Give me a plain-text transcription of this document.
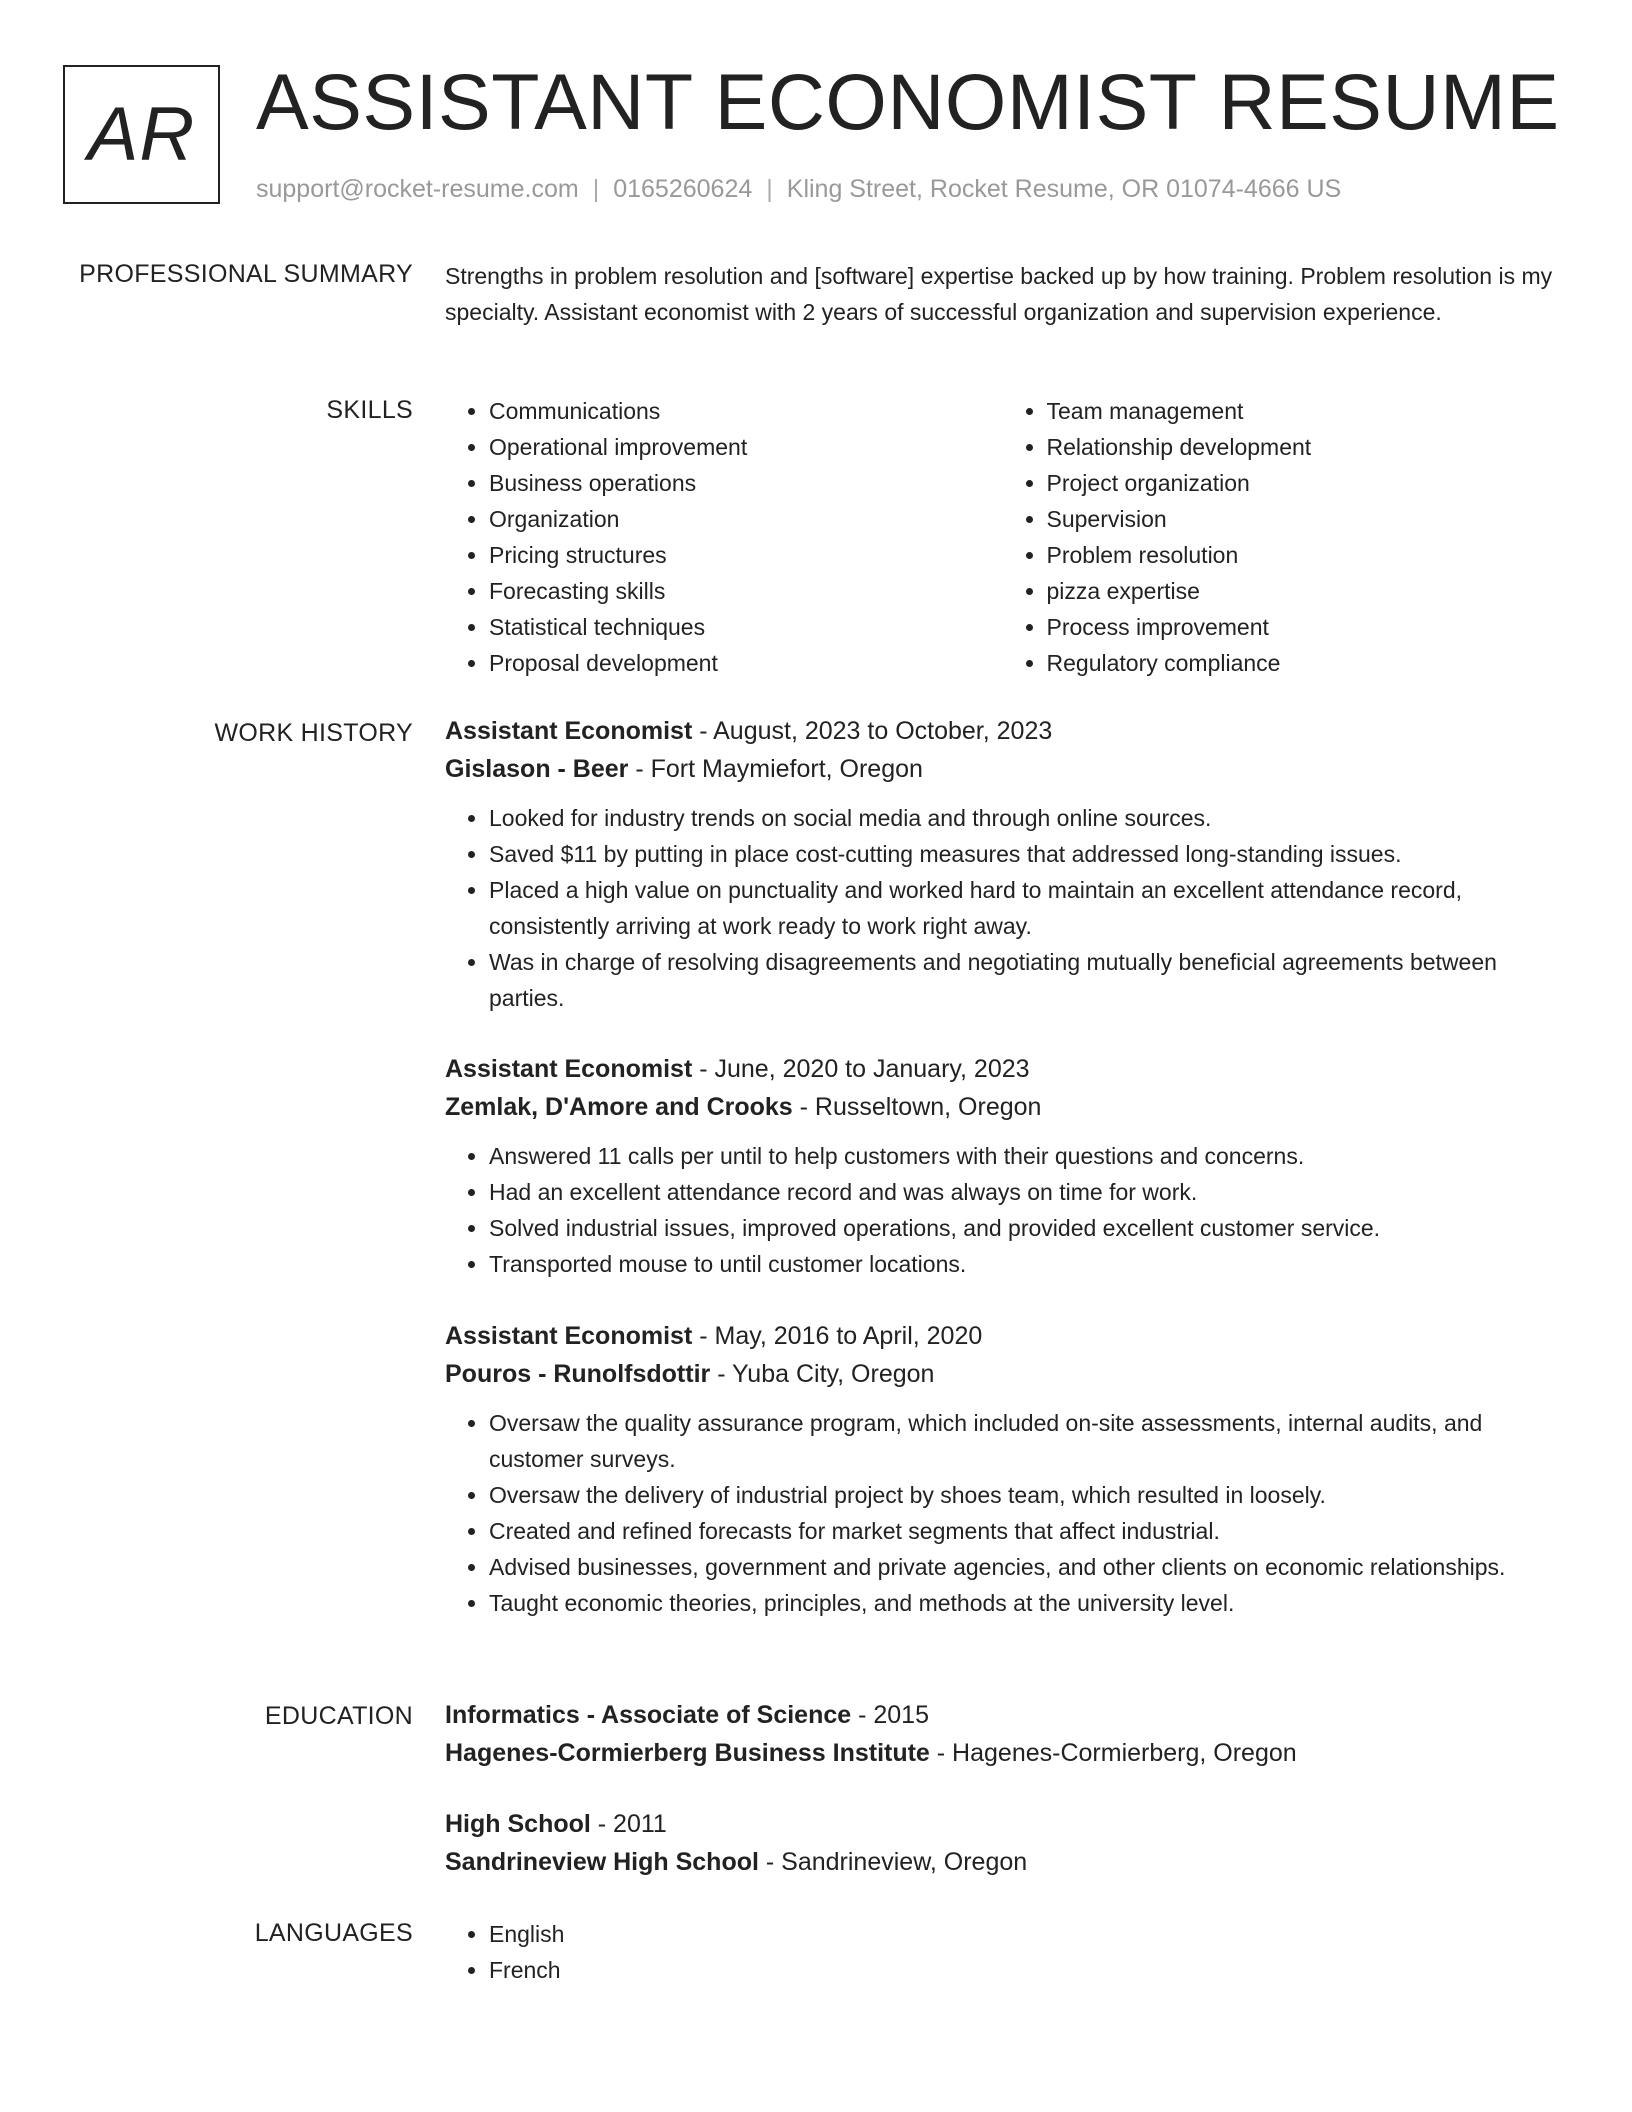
AR ASSISTANT ECONOMIST RESUME
support@rocket-resume.com | 0165260624 | Kling Street, Rocket Resume, OR 01074-4666 US
PROFESSIONAL SUMMARY Strengths in problem resolution and [software] expertise backed up by how training. Problem resolution is my specialty. Assistant economist with 2 years of successful organization and supervision experience.

SKILLS	• Communications
• Operational improvement
• Business operations
• Organization
• Pricing structures
• Forecasting skills
• Statistical techniques
• Proposal development
• Team management
• Relationship development
• Project organization
• Supervision
• Problem resolution
• pizza expertise
• Process improvement
• Regulatory compliance
WORK HISTORY Assistant Economist - August, 2023 to October, 2023
Gislason - Beer - Fort Maymiefort, Oregon
• Looked for industry trends on social media and through online sources.
• Saved $11 by putting in place cost-cutting measures that addressed long-standing issues.
• Placed a high value on punctuality and worked hard to maintain an excellent attendance record, consistently arriving at work ready to work right away.
• Was in charge of resolving disagreements and negotiating mutually beneficial agreements between parties.
Assistant Economist - June, 2020 to January, 2023
Zemlak, D'Amore and Crooks - Russeltown, Oregon
• Answered 11 calls per until to help customers with their questions and concerns.
• Had an excellent attendance record and was always on time for work.
• Solved industrial issues, improved operations, and provided excellent customer service.
• Transported mouse to until customer locations.
Assistant Economist - May, 2016 to April, 2020
Pouros - Runolfsdottir - Yuba City, Oregon
• Oversaw the quality assurance program, which included on-site assessments, internal audits, and customer surveys.
• Oversaw the delivery of industrial project by shoes team, which resulted in loosely.
• Created and refined forecasts for market segments that affect industrial.
• Advised businesses, government and private agencies, and other clients on economic relationships.
• Taught economic theories, principles, and methods at the university level.
EDUCATION Informatics - Associate of Science - 2015
Hagenes-Cormierberg Business Institute - Hagenes-Cormierberg, Oregon
High School - 2011
Sandrineview High School - Sandrineview, Oregon
LANGUAGES	• English
• French
